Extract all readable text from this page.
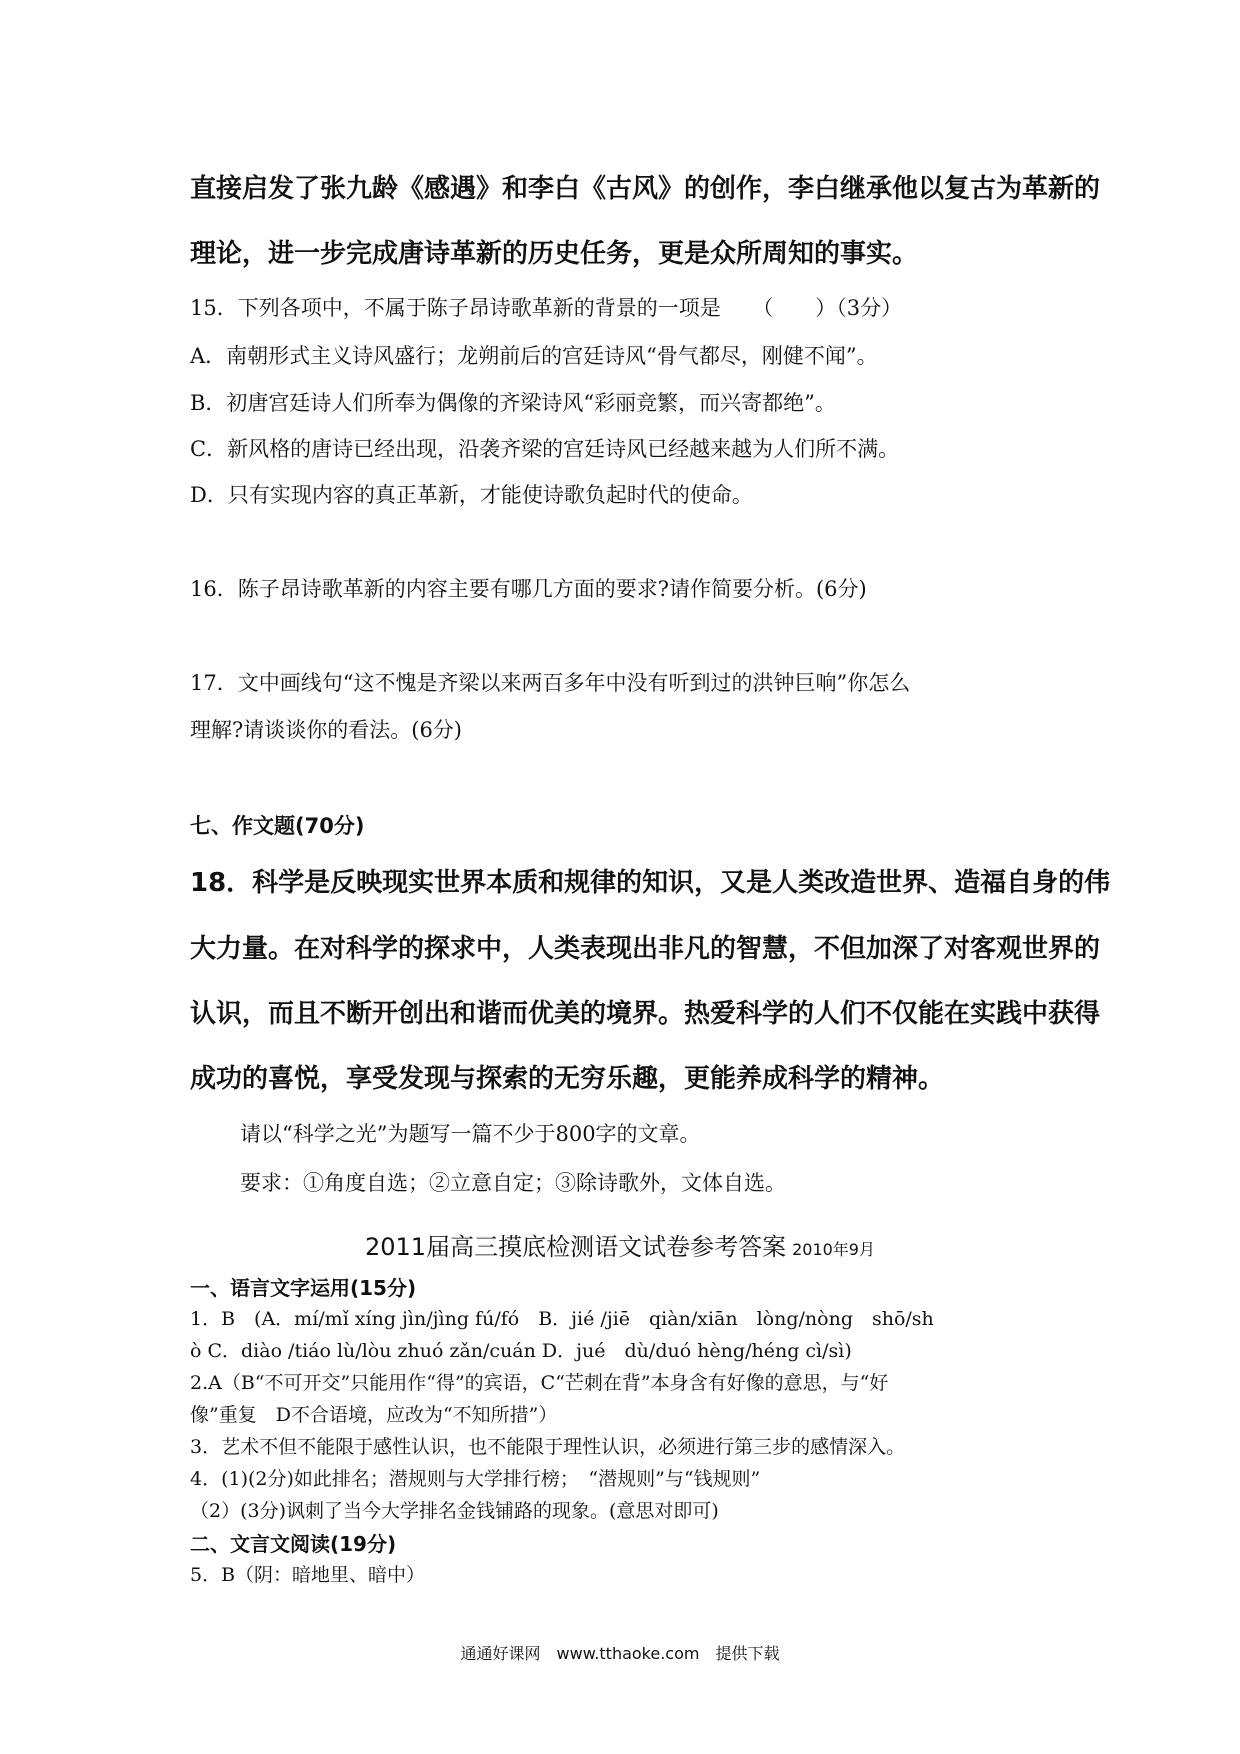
直接启发了张九龄《感遇》和李白《古风》的创作，李白继承他以复古为革新的
理论，进一步完成唐诗革新的历史任务，更是众所周知的事实。
15．下列各项中，不属于陈子昂诗歌革新的背景的一项是　　（　　）（3分）
A．南朝形式主义诗风盛行；龙朔前后的宫廷诗风“骨气都尽，刚健不闻”。
B．初唐宫廷诗人们所奉为偶像的齐梁诗风“彩丽竞繁，而兴寄都绝”。
C．新风格的唐诗已经出现，沿袭齐梁的宫廷诗风已经越来越为人们所不满。
D．只有实现内容的真正革新，才能使诗歌负起时代的使命。
16．陈子昂诗歌革新的内容主要有哪几方面的要求?请作简要分析。(6分)
17．文中画线句“这不愧是齐梁以来两百多年中没有听到过的洪钟巨响”你怎么
理解?请谈谈你的看法。(6分)
七、作文题(70分)
18．科学是反映现实世界本质和规律的知识，又是人类改造世界、造福自身的伟
大力量。在对科学的探求中，人类表现出非凡的智慧，不但加深了对客观世界的
认识，而且不断开创出和谐而优美的境界。热爱科学的人们不仅能在实践中获得
成功的喜悦，享受发现与探索的无穷乐趣，更能养成科学的精神。
请以“科学之光”为题写一篇不少于800字的文章。
要求：①角度自选；②立意自定；③除诗歌外，文体自选。
2011届高三摸底检测语文试卷参考答案 2010年9月
一、语言文字运用(15分)
1．B　(A．mí/mǐ xíng jìn/jìng fú/fó　B．jié /jiē　qiàn/xiān　lòng/nòng　shō/sh
ò C．diào /tiáo lù/lòu zhuó zǎn/cuán D．jué　dù/duó hèng/héng cì/sì)
2.A（B“不可开交”只能用作“得”的宾语，C“芒刺在背”本身含有好像的意思，与“好
像”重复　D不合语境，应改为“不知所措”）
3．艺术不但不能限于感性认识，也不能限于理性认识，必须进行第三步的感情深入。
4．(1)(2分)如此排名；潜规则与大学排行榜；　“潜规则”与“钱规则”
（2）(3分)讽刺了当今大学排名金钱铺路的现象。(意思对即可)
二、文言文阅读(19分)
5．B（阴：暗地里、暗中）
通通好课网　www.tthaoke.com　提供下载
